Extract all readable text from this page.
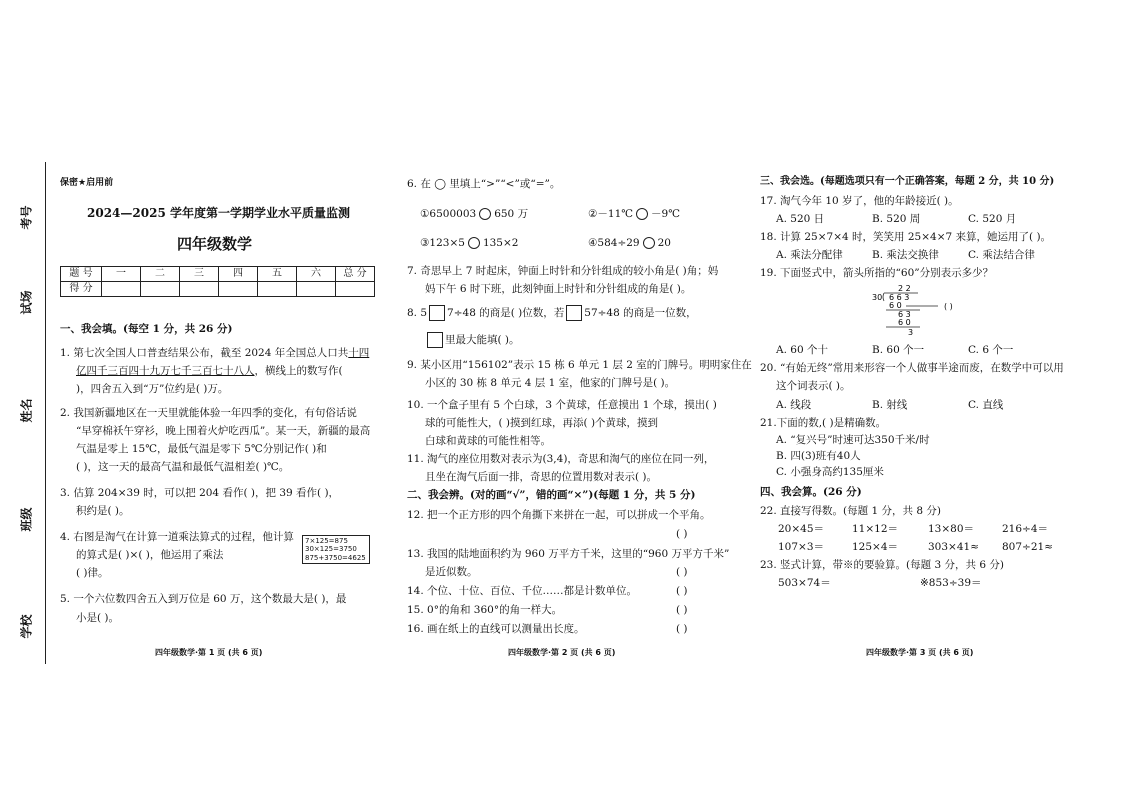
考号
试场
姓名
班级
学校
保密★启用前
2024—2025 学年度第一学期学业水平质量监测
四年级数学
题 号	一	二	三	四	五	六	总 分
得 分							
一、我会填。(每空 1 分，共 26 分)
1. 第七次全国人口普查结果公布，截至 2024 年全国总人口共十四
亿四千三百四十九万七千三百七十八人，横线上的数写作(
)，四舍五入到“万”位约是( )万。
2. 我国新疆地区在一天里就能体验一年四季的变化，有句俗话说
“早穿棉袄午穿衫，晚上围着火炉吃西瓜”。某一天，新疆的最高
气温是零上 15℃，最低气温是零下 5℃分别记作( )和
( )，这一天的最高气温和最低气温相差( )℃。
3. 估算 204×39 时，可以把 204 看作( )，把 39 看作( )，
积约是( )。
4. 右图是淘气在计算一道乘法算式的过程，他计算
的算式是( )×( )，他运用了乘法
( )律。
7×125=875
30×125=3750
875+3750=4625
5. 一个六位数四舍五入到万位是 60 万，这个数最大是( )，最
小是( )。
四年级数学·第 1 页 (共 6 页)
6. 在 ◯ 里填上“>”“<”或“=”。
①6500003 650 万	②－11℃ －9℃
③123×5 135×2	④584÷29 20
7. 奇思早上 7 时起床，钟面上时针和分针组成的较小角是( )角；妈
妈下午 6 时下班，此刻钟面上时针和分针组成的角是( )。
8. 5 7÷48 的商是( )位数，若 57÷48 的商是一位数，
里最大能填( )。
9. 某小区用“156102”表示 15 栋 6 单元 1 层 2 室的门牌号。明明家住在
小区的 30 栋 8 单元 4 层 1 室，他家的门牌号是( )。
10. 一个盒子里有 5 个白球，3 个黄球，任意摸出 1 个球，摸出( )
球的可能性大，( )摸到红球，再添( )个黄球，摸到
白球和黄球的可能性相等。
11. 淘气的座位用数对表示为(3,4)，奇思和淘气的座位在同一列，
且坐在淘气后面一排，奇思的位置用数对表示( )。
二、我会辨。(对的画“√”，错的画“×”)(每题 1 分，共 5 分)
12. 把一个正方形的四个角撕下来拼在一起，可以拼成一个平角。
( )
13. 我国的陆地面积约为 960 万平方千米，这里的“960 万平方千米”
是近似数。	( )
14. 个位、十位、百位、千位……都是计数单位。	( )
15. 0°的角和 360°的角一样大。	( )
16. 画在纸上的直线可以测量出长度。	( )
四年级数学·第 2 页 (共 6 页)
三、我会选。(每题选项只有一个正确答案，每题 2 分，共 10 分)
17. 淘气今年 10 岁了，他的年龄接近( )。
A. 520 日	B. 520 周	C. 520 月
18. 计算 25×7×4 时，笑笑用 25×4×7 来算，她运用了( )。
A. 乘法分配律	B. 乘法交换律	C. 乘法结合律
19. 下面竖式中，箭头所指的“60”分别表示多少？
2 2
30 6 6 3
6 0	( )
6 3
6 0
3
A. 60 个十	B. 60 个一	C. 6 个一
20. “有始无终”常用来形容一个人做事半途而废，在数学中可以用
这个词表示( )。
A. 线段	B. 射线	C. 直线
21.下面的数,( )是精确数。
A. “复兴号”时速可达350千米/时
B. 四(3)班有40人
C. 小强身高约135厘米
四、我会算。(26 分)
22. 直接写得数。(每题 1 分，共 8 分)
20×45＝	11×12＝	13×80＝	216÷4＝
107×3＝	125×4＝	303×41≈ 807÷21≈
23. 竖式计算，带※的要验算。(每题 3 分，共 6 分)
503×74＝	※853÷39＝
四年级数学·第 3 页 (共 6 页)
